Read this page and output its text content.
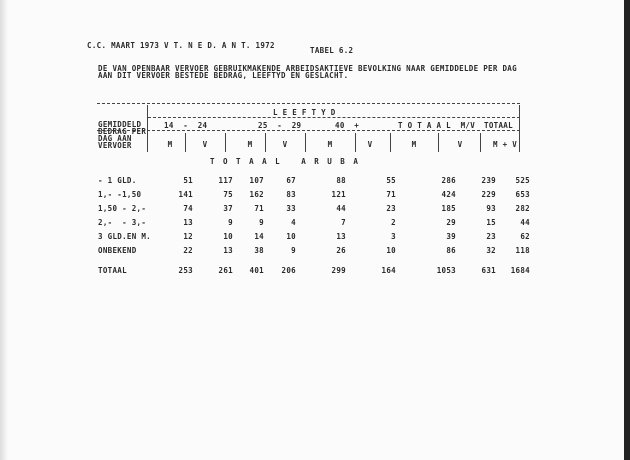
C.C. MAART 1973 V T. N E D. A N T. 1972
TABEL 6.2
DE VAN OPENBAAR VERVOER GEBRUIKMAKENDE ARBEIDSAKTIEVE BEVOLKING NAAR GEMIDDELDE PER DAG
AAN DIT VERVOER BESTEDE BEDRAG, LEEFTYD EN GESLACHT.
GEMIDDELD
BEDRAG PER
DAG AAN
VERVOER
L E E F T Y D
14  -  24	25  -  29	40  +	T O T A A L  M/V TOTAAL
M	V	M	V	M	V	M	V	M + V
T O T A A L   A R U B A
- 1 GLD.	51	117	107	67	88	55	286	239	525
1,- -1,50	141	75	162	83	121	71	424	229	653
1,50 - 2,-	74	37	71	33	44	23	185	93	282
2,-  - 3,-	13	9	9	4	7	2	29	15	44
3 GLD.EN M.	12	10	14	10	13	3	39	23	62
ONBEKEND	22	13	38	9	26	10	86	32	118
TOTAAL	253	261	401	206	299	164	1053	631	1684
